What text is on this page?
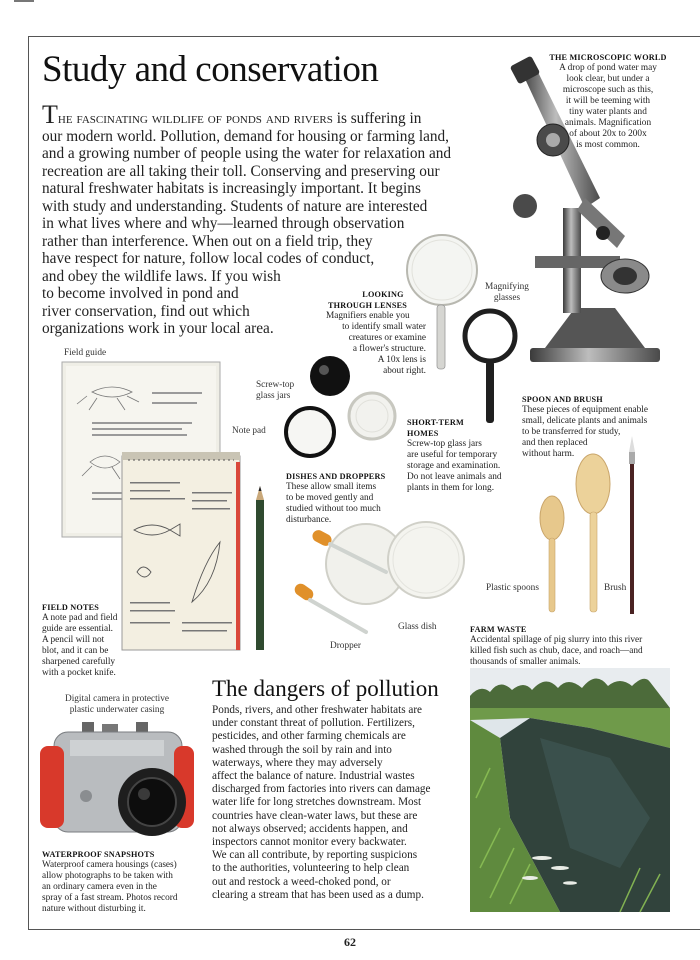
Study and conservation

The fascinating wildlife of ponds and rivers is suffering in

our modern world. Pollution, demand for housing or farming land,

and a growing number of people using the water for relaxation and

recreation are all taking their toll. Conserving and preserving our

natural freshwater habitats is increasingly important. It begins

with study and understanding. Students of nature are interested

in what lives where and why—learned through observation

rather than interference. When out on a field trip, they

have respect for nature, follow local codes of conduct,

and obey the wildlife laws. If you wish

to become involved in pond and

river conservation, find out which

organizations work in your local area.

THE MICROSCOPIC WORLD
A drop of pond water may
look clear, but under a
microscope such as this,
it will be teeming with
tiny water plants and
animals. Magnification
of about 20x to 200x
is most common.
Magnifying
glasses
LOOKING
THROUGH LENSES
Magnifiers enable you
to identify small water
creatures or examine
a flower's structure.
A 10x lens is
about right.
Field guide
Note pad
Screw-top
glass jars
SHORT-TERM
HOMES
Screw-top glass jars
are useful for temporary
storage and examination.
Do not leave animals and
plants in them for long.
SPOON AND BRUSH
These pieces of equipment enable
small, delicate plants and animals
to be transferred for study,
and then replaced
without harm.
Plastic spoons	Brush
DISHES AND DROPPERS
These allow small items
to be moved gently and
studied without too much
disturbance.
Dropper
Glass dish
FIELD NOTES
A note pad and field
guide are essential.
A pencil will not
blot, and it can be
sharpened carefully
with a pocket knife.
FARM WASTE
Accidental spillage of pig slurry into this river
killed fish such as chub, dace, and roach—and
thousands of smaller animals.
The dangers of pollution
Ponds, rivers, and other freshwater habitats are
under constant threat of pollution. Fertilizers,
pesticides, and other farming chemicals are
washed through the soil by rain and into
waterways, where they may adversely
affect the balance of nature. Industrial wastes
discharged from factories into rivers can damage
water life for long stretches downstream. Most
countries have clean-water laws, but these are
not always observed; accidents happen, and
inspectors cannot monitor every backwater.
We can all contribute, by reporting suspicions
to the authorities, volunteering to help clean
out and restock a weed-choked pond, or
clearing a stream that has been used as a dump.
Digital camera in protective
plastic underwater casing
WATERPROOF SNAPSHOTS
Waterproof camera housings (cases)
allow photographs to be taken with
an ordinary camera even in the
spray of a fast stream. Photos record
nature without disturbing it.
62
